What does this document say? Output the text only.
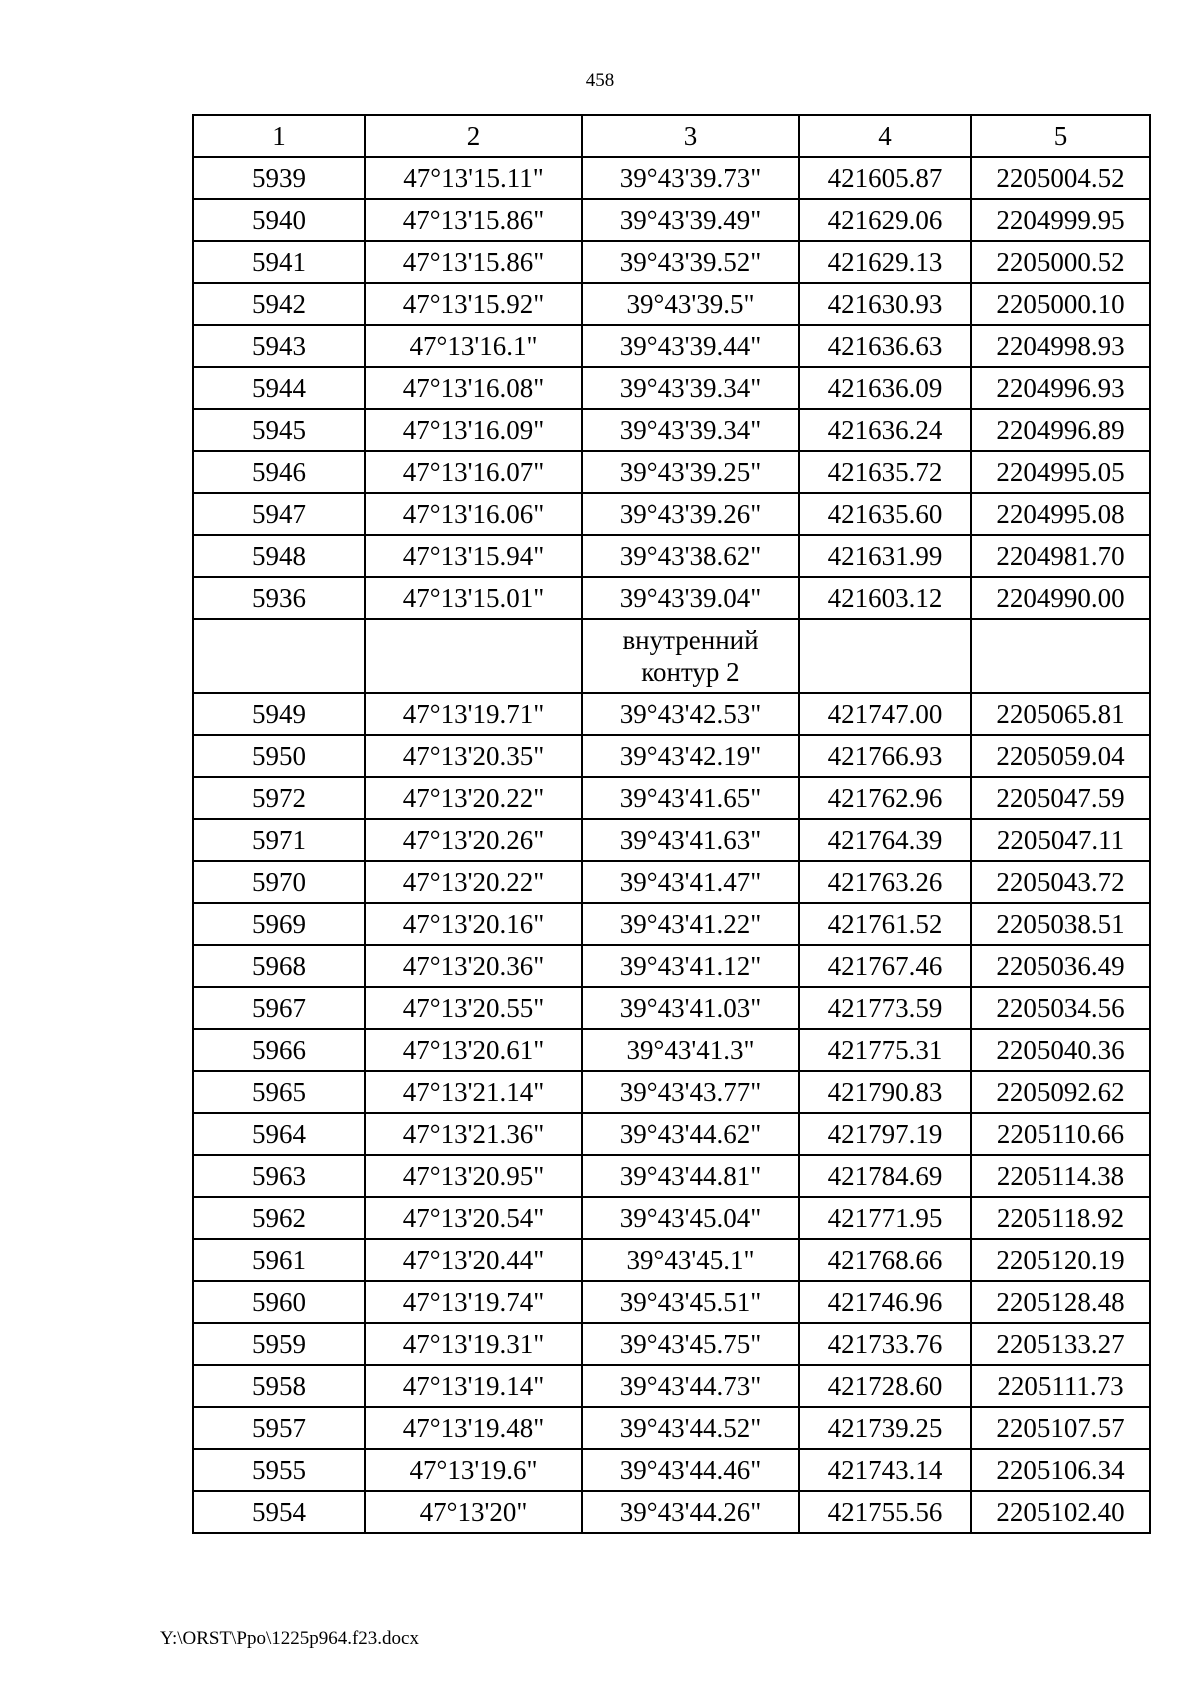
458
1	2	3	4	5
5939	47°13'15.11"	39°43'39.73"	421605.87	2205004.52
5940	47°13'15.86"	39°43'39.49"	421629.06	2204999.95
5941	47°13'15.86"	39°43'39.52"	421629.13	2205000.52
5942	47°13'15.92"	39°43'39.5"	421630.93	2205000.10
5943	47°13'16.1"	39°43'39.44"	421636.63	2204998.93
5944	47°13'16.08"	39°43'39.34"	421636.09	2204996.93
5945	47°13'16.09"	39°43'39.34"	421636.24	2204996.89
5946	47°13'16.07"	39°43'39.25"	421635.72	2204995.05
5947	47°13'16.06"	39°43'39.26"	421635.60	2204995.08
5948	47°13'15.94"	39°43'38.62"	421631.99	2204981.70
5936	47°13'15.01"	39°43'39.04"	421603.12	2204990.00
		внутренний контур 2		
5949	47°13'19.71"	39°43'42.53"	421747.00	2205065.81
5950	47°13'20.35"	39°43'42.19"	421766.93	2205059.04
5972	47°13'20.22"	39°43'41.65"	421762.96	2205047.59
5971	47°13'20.26"	39°43'41.63"	421764.39	2205047.11
5970	47°13'20.22"	39°43'41.47"	421763.26	2205043.72
5969	47°13'20.16"	39°43'41.22"	421761.52	2205038.51
5968	47°13'20.36"	39°43'41.12"	421767.46	2205036.49
5967	47°13'20.55"	39°43'41.03"	421773.59	2205034.56
5966	47°13'20.61"	39°43'41.3"	421775.31	2205040.36
5965	47°13'21.14"	39°43'43.77"	421790.83	2205092.62
5964	47°13'21.36"	39°43'44.62"	421797.19	2205110.66
5963	47°13'20.95"	39°43'44.81"	421784.69	2205114.38
5962	47°13'20.54"	39°43'45.04"	421771.95	2205118.92
5961	47°13'20.44"	39°43'45.1"	421768.66	2205120.19
5960	47°13'19.74"	39°43'45.51"	421746.96	2205128.48
5959	47°13'19.31"	39°43'45.75"	421733.76	2205133.27
5958	47°13'19.14"	39°43'44.73"	421728.60	2205111.73
5957	47°13'19.48"	39°43'44.52"	421739.25	2205107.57
5955	47°13'19.6"	39°43'44.46"	421743.14	2205106.34
5954	47°13'20"	39°43'44.26"	421755.56	2205102.40
Y:\ORST\Ppo\1225p964.f23.docx
